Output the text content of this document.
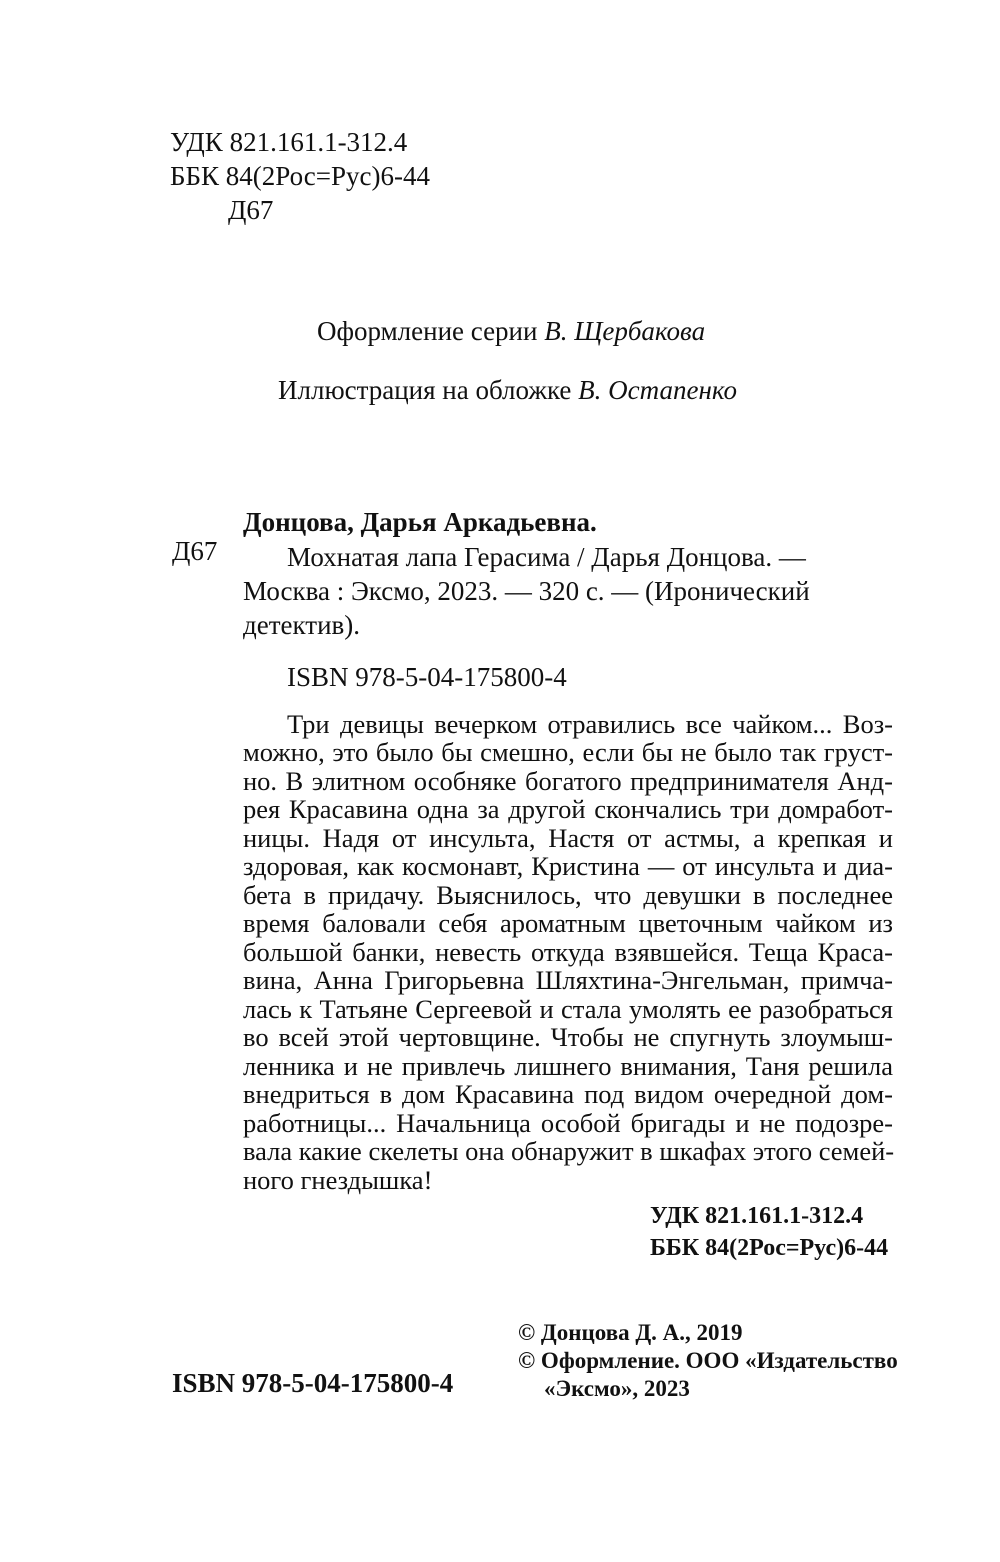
УДК 821.161.1-312.4
ББК 84(2Рос=Рус)6-44
Д67
Оформление серии В. Щербакова
Иллюстрация на обложке В. Остапенко
Д67
Донцова, Дарья Аркадьевна.
Мохнатая лапа Герасима / Дарья Донцова. —
Москва : Эксмо, 2023. — 320 с. — (Иронический
детектив).
ISBN 978-5-04-175800-4
Три девицы вечерком отравились все чайком... Воз-
можно, это было бы смешно, если бы не было так груст-
но. В элитном особняке богатого предпринимателя Анд-
рея Красавина одна за другой скончались три домработ-
ницы. Надя от инсульта, Настя от астмы, а крепкая и
здоровая, как космонавт, Кристина — от инсульта и диа-
бета в придачу. Выяснилось, что девушки в последнее
время баловали себя ароматным цветочным чайком из
большой банки, невесть откуда взявшейся. Теща Краса-
вина, Анна Григорьевна Шляхтина-Энгельман, примча-
лась к Татьяне Сергеевой и стала умолять ее разобраться
во всей этой чертовщине. Чтобы не спугнуть злоумыш-
ленника и не привлечь лишнего внимания, Таня решила
внедриться в дом Красавина под видом очередной дом-
работницы... Начальница особой бригады и не подозре-
вала какие скелеты она обнаружит в шкафах этого семей-
ного гнездышка!
УДК 821.161.1-312.4
ББК 84(2Рос=Рус)6-44
© Донцова Д. А., 2019
© Оформление. ООО «Издательство
«Эксмо», 2023
ISBN 978-5-04-175800-4
